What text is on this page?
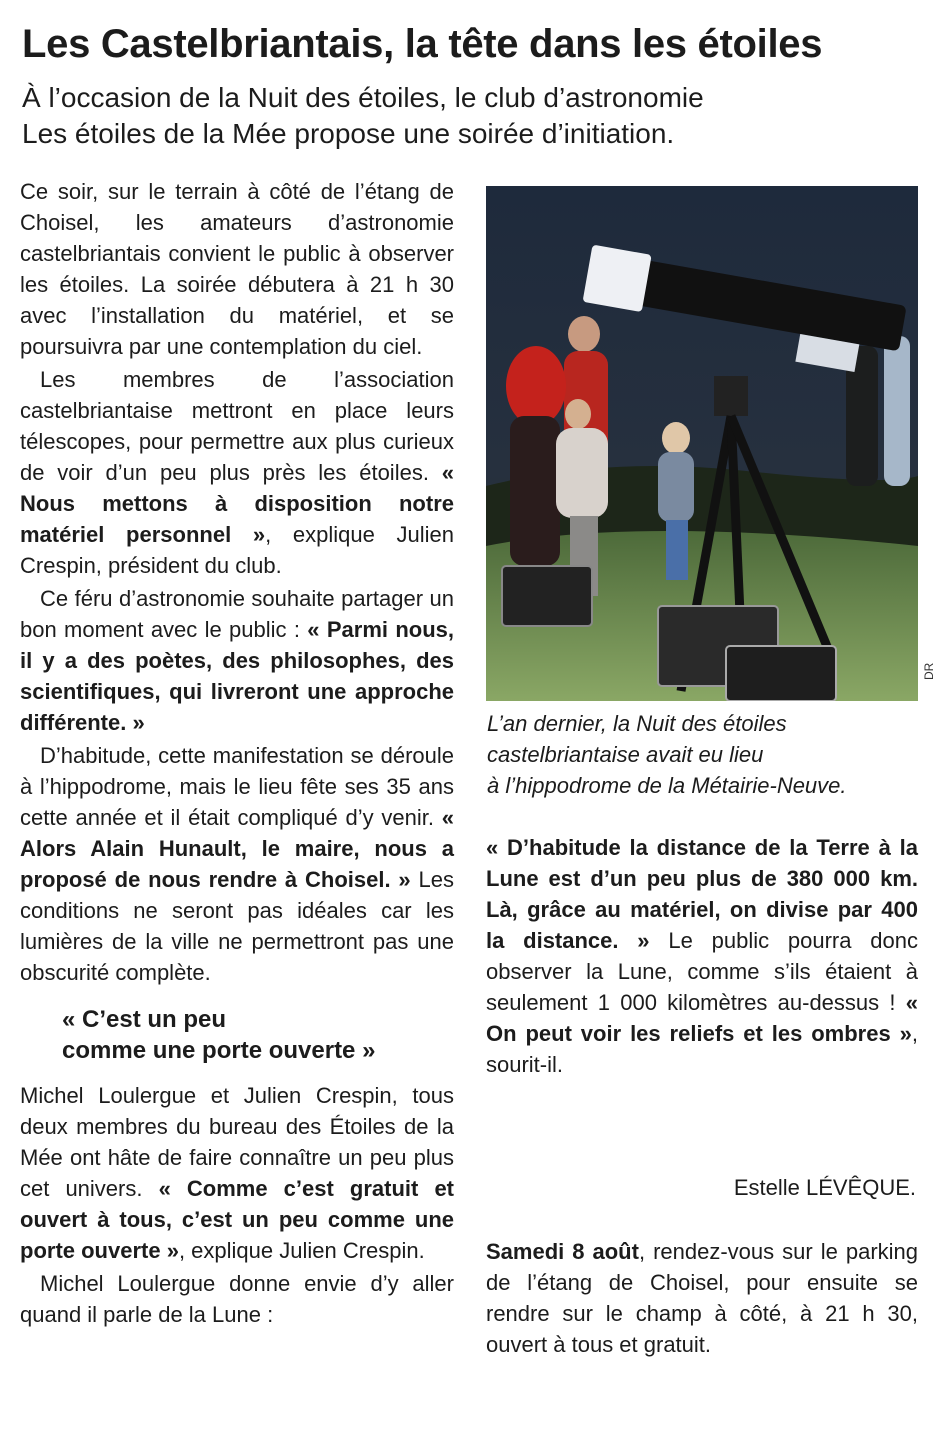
Les Castelbriantais, la tête dans les étoiles
À l’occasion de la Nuit des étoiles, le club d’astronomie
Les étoiles de la Mée propose une soirée d’initiation.

Ce soir, sur le terrain à côté de l’étang de Choisel, les amateurs d’astronomie castelbriantais convient le public à observer les étoiles. La soirée débutera à 21 h 30 avec l’installation du matériel, et se poursuivra par une contemplation du ciel.

Les membres de l’association castelbriantaise mettront en place leurs télescopes, pour permettre aux plus curieux de voir d’un peu plus près les étoiles. « Nous mettons à disposition notre matériel personnel », explique Julien Crespin, président du club.

Ce féru d’astronomie souhaite partager un bon moment avec le public : « Parmi nous, il y a des poètes, des philosophes, des scientifiques, qui livreront une approche différente. »

D’habitude, cette manifestation se déroule à l’hippodrome, mais le lieu fête ses 35 ans cette année et il était compliqué d’y venir. « Alors Alain Hunault, le maire, nous a proposé de nous rendre à Choisel. » Les conditions ne seront pas idéales car les lumières de la ville ne permettront pas une obscurité complète.

« C’est un peu
comme une porte ouverte »

Michel Loulergue et Julien Crespin, tous deux membres du bureau des Étoiles de la Mée ont hâte de faire connaître un peu plus cet univers. « Comme c’est gratuit et ouvert à tous, c’est un peu comme une porte ouverte », explique Julien Crespin.

Michel Loulergue donne envie d’y aller quand il parle de la Lune :

DR
L’an dernier, la Nuit des étoiles
castelbriantaise avait eu lieu
à l’hippodrome de la Métairie-Neuve.

« D’habitude la distance de la Terre à la Lune est d’un peu plus de 380 000 km. Là, grâce au matériel, on divise par 400 la distance. » Le public pourra donc observer la Lune, comme s’ils étaient à seulement 1 000 kilomètres au-dessus ! « On peut voir les reliefs et les ombres », sourit-il.

Estelle LÉVÊQUE.
Samedi 8 août, rendez-vous sur le parking de l’étang de Choisel, pour ensuite se rendre sur le champ à côté, à 21 h 30, ouvert à tous et gratuit.
